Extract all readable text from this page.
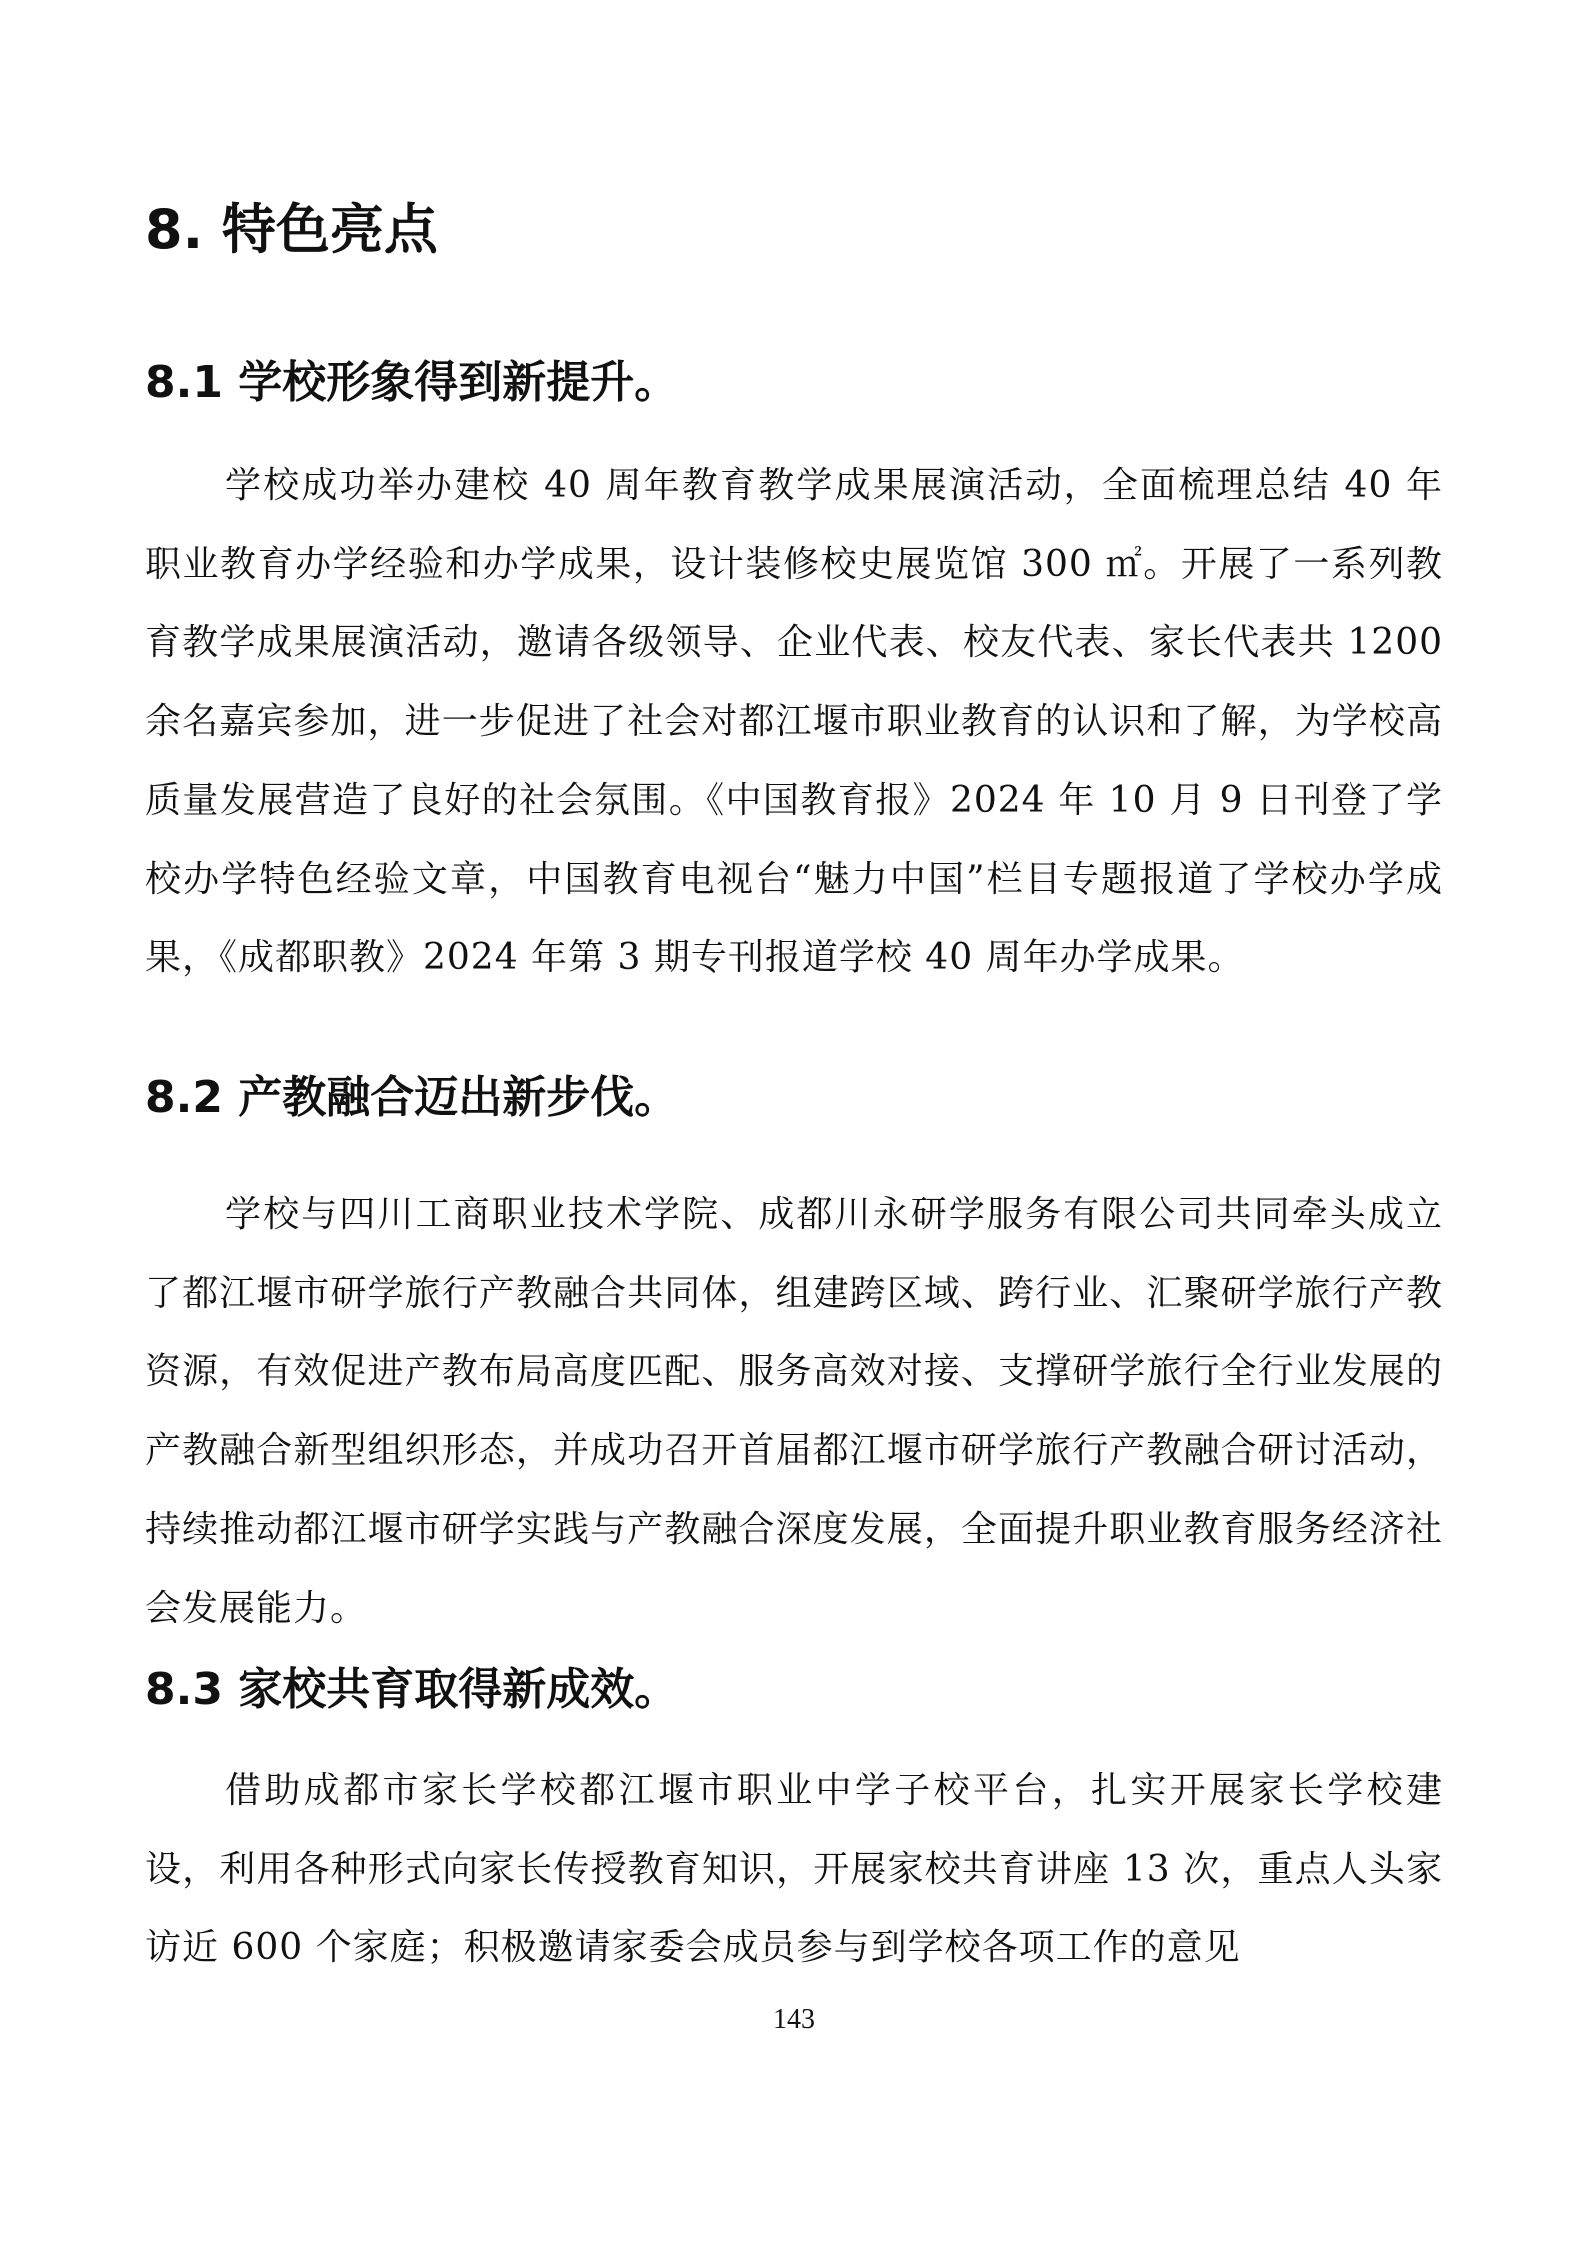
8. 特色亮点
8.1 学校形象得到新提升。

学校成功举办建校 40 周年教育教学成果展演活动，全面梳理总结 40 年职业教育办学经验和办学成果，设计装修校史展览馆 300 ㎡。开展了一系列教育教学成果展演活动，邀请各级领导、企业代表、校友代表、家长代表共 1200 余名嘉宾参加，进一步促进了社会对都江堰市职业教育的认识和了解，为学校高质量发展营造了良好的社会氛围。《中国教育报》2024 年 10 月 9 日刊登了学校办学特色经验文章，中国教育电视台“魅力中国”栏目专题报道了学校办学成果，《成都职教》2024 年第 3 期专刊报道学校 40 周年办学成果。

8.2 产教融合迈出新步伐。

学校与四川工商职业技术学院、成都川永研学服务有限公司共同牵头成立了都江堰市研学旅行产教融合共同体，组建跨区域、跨行业、汇聚研学旅行产教资源，有效促进产教布局高度匹配、服务高效对接、支撑研学旅行全行业发展的产教融合新型组织形态，并成功召开首届都江堰市研学旅行产教融合研讨活动，持续推动都江堰市研学实践与产教融合深度发展，全面提升职业教育服务经济社会发展能力。

8.3 家校共育取得新成效。

借助成都市家长学校都江堰市职业中学子校平台，扎实开展家长学校建设，利用各种形式向家长传授教育知识，开展家校共育讲座 13 次，重点人头家访近 600 个家庭；积极邀请家委会成员参与到学校各项工作的意见

143
